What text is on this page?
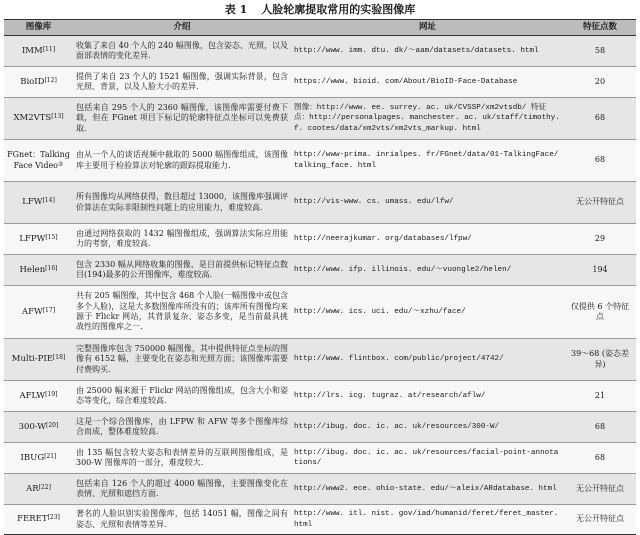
表 1 人脸轮廓提取常用的实验图像库
图像库	介绍	网址	特征点数
IMM[11]	收集了来自 40 个人的 240 幅图像，包含姿态、光照，以及面部表情的变化差异.	http://www. imm. dtu. dk/～aam/datasets/datasets. html	58
BioID[12]	提供了来自 23 个人的 1521 幅图像，强调实际背景，包含光照、背景，以及人脸大小的差异.	https://www. bioid. com/About/BioID-Face-Database	20
XM2VTS[13]	包括来自 295 个人的 2360 幅图像，该图像库需要付费下载，但在 FGnet 项目下标记的轮廓特征点坐标可以免费获取.	图像：http://www. ee. surrey. ac. uk/CVSSP/xm2vtsdb/ 特征点：http://personalpages. manchester. ac. uk/staff/timothy. f. cootes/data/xm2vts/xm2vts_markup. html	68
FGnet：Talking Face Video②	由从一个人的谈话视频中截取的 5000 幅图像组成，该图像库主要用于检验算法对轮廓的跟踪提取能力.	http://www-prima. inrialpes. fr/FGnet/data/01-TalkingFace/talking_face. html	68
LFW[14]	所有图像均从网络获得，数目超过 13000，该图像库强调评价算法在实际非限制性问题上的应用能力，难度较高.	http://vis-www. cs. umass. edu/lfw/	无公开特征点
LFPW[15]	由通过网络获取的 1432 幅图像组成，强调算法实际应用能力的考察，难度较高.	http://neerajkumar. org/databases/lfpw/	29
Helen[16]	包含 2330 幅从网络收集的图像，是目前提供标记特征点数目(194)最多的公开图像库，难度较高.	http://www. ifp. illinois. edu/～vuongle2/helen/	194
AFW[17]	共有 205 幅图像，其中包含 468 个人脸(一幅图像中或包含多个人脸)，这是大多数图像库所没有的；该库所有图像均来源于 Flickr 网站，其背景复杂、姿态多变，是当前最具挑战性的图像库之一.	http://www. ics. uci. edu/～xzhu/face/	仅提供 6 个特征点
Multi-PIE[18]	完整图像库包含 750000 幅图像，其中提供特征点坐标的图像有 6152 幅，主要变化在姿态和光照方面；该图像库需要付费购买.	http://www. flintbox. com/public/project/4742/	39～68 (姿态差异)
AFLW[19]	由 25000 幅来源于 Flickr 网站的图像组成，包含大小和姿态等变化，综合难度较高.	http://lrs. icg. tugraz. at/research/aflw/	21
300-W[20]	这是一个综合图像库，由 LFPW 和 AFW 等多个图像库综合而成，整体难度较高.	http://ibug. doc. ic. ac. uk/resources/300-W/	68
IBUG[21]	由 135 幅包含较大姿态和表情差异的互联网图像组成，是 300-W 图像库的一部分，难度较大.	http://ibug. doc. ic. ac. uk/resources/facial-point-annotations/	68
AR[22]	包括来自 126 个人的超过 4000 幅图像，主要图像变化在表情、光照和遮挡方面.	http://www2. ece. ohio-state. edu/～aleix/ARdatabase. html	无公开特征点
FERET[23]	著名的人脸识别实验图像库，包括 14051 幅，图像之间有姿态、光照和表情等差异.	http://www. itl. nist. gov/iad/humanid/feret/feret_master. html	无公开特征点
